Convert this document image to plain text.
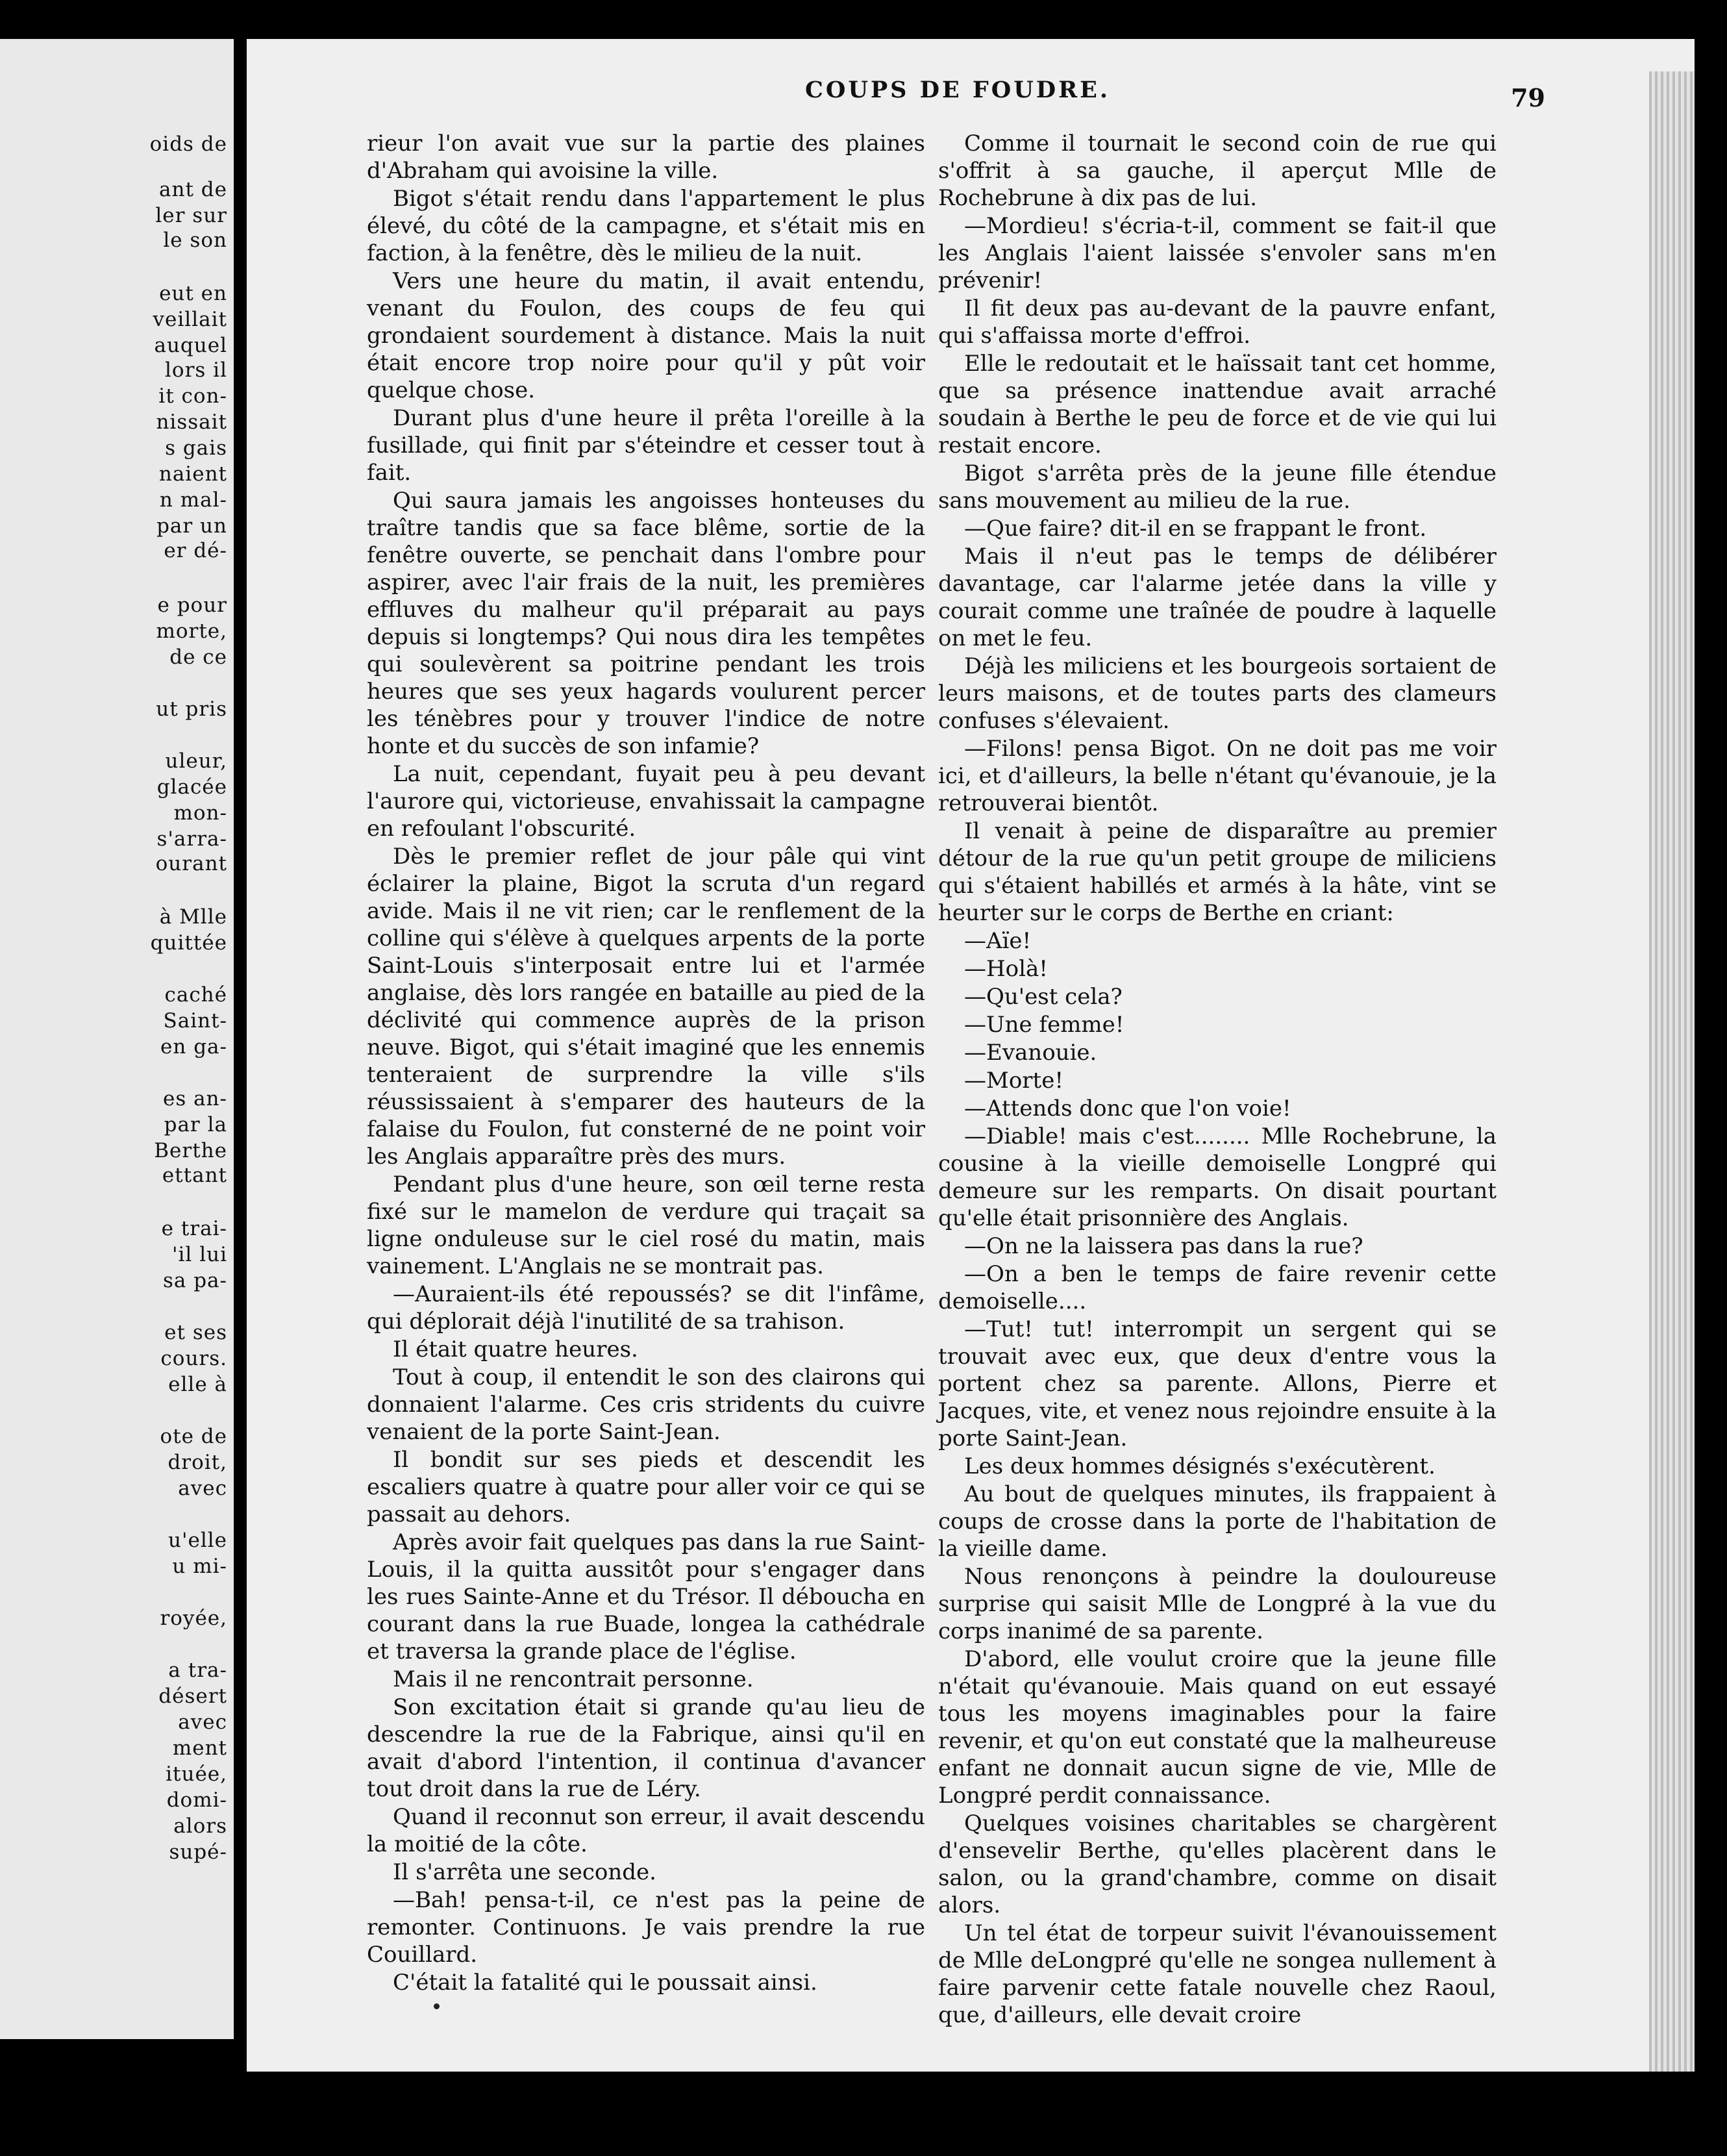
oids de
ant de
ler sur
le son
eut en
veillait
auquel
lors il
it con-
nissait
s gais
naient
n mal-
par un
er dé-
e pour
morte,
de ce
ut pris
uleur,
glacée
mon-
s'arra-
ourant
à Mlle
quittée
caché
Saint-
en ga-
es an-
par la
Berthe
ettant
e trai-
'il lui
sa pa-
et ses
cours.
elle à
ote de
droit,
avec
u'elle
u mi-
royée,
a tra-
désert
avec
ment
ituée,
domi-
alors
supé-
COUPS DE FOUDRE.	79

rieur l'on avait vue sur la partie des plaines d'Abraham qui avoisine la ville.

Bigot s'était rendu dans l'appartement le plus élevé, du côté de la campagne, et s'était mis en faction, à la fenêtre, dès le milieu de la nuit.

Vers une heure du matin, il avait entendu, venant du Foulon, des coups de feu qui grondaient sourdement à distance. Mais la nuit était encore trop noire pour qu'il y pût voir quelque chose.

Durant plus d'une heure il prêta l'oreille à la fusillade, qui finit par s'éteindre et cesser tout à fait.

Qui saura jamais les angoisses honteuses du traître tandis que sa face blême, sortie de la fenêtre ouverte, se penchait dans l'ombre pour aspirer, avec l'air frais de la nuit, les premières effluves du malheur qu'il préparait au pays depuis si longtemps? Qui nous dira les tempêtes qui soulevèrent sa poitrine pendant les trois heures que ses yeux hagards voulurent percer les ténèbres pour y trouver l'indice de notre honte et du succès de son infamie?

La nuit, cependant, fuyait peu à peu devant l'aurore qui, victorieuse, envahissait la campagne en refoulant l'obscurité.

Dès le premier reflet de jour pâle qui vint éclairer la plaine, Bigot la scruta d'un regard avide. Mais il ne vit rien; car le renflement de la colline qui s'élève à quelques arpents de la porte Saint-Louis s'interposait entre lui et l'armée anglaise, dès lors rangée en bataille au pied de la déclivité qui commence auprès de la prison neuve. Bigot, qui s'était imaginé que les ennemis tenteraient de surprendre la ville s'ils réussissaient à s'emparer des hauteurs de la falaise du Foulon, fut consterné de ne point voir les Anglais apparaître près des murs.

Pendant plus d'une heure, son œil terne resta fixé sur le mamelon de verdure qui traçait sa ligne onduleuse sur le ciel rosé du matin, mais vainement. L'Anglais ne se montrait pas.

—Auraient-ils été repoussés? se dit l'infâme, qui déplorait déjà l'inutilité de sa trahison.

Il était quatre heures.

Tout à coup, il entendit le son des clairons qui donnaient l'alarme. Ces cris stridents du cuivre venaient de la porte Saint-Jean.

Il bondit sur ses pieds et descendit les escaliers quatre à quatre pour aller voir ce qui se passait au dehors.

Après avoir fait quelques pas dans la rue Saint-Louis, il la quitta aussitôt pour s'engager dans les rues Sainte-Anne et du Trésor. Il déboucha en courant dans la rue Buade, longea la cathédrale et traversa la grande place de l'église.

Mais il ne rencontrait personne.

Son excitation était si grande qu'au lieu de descendre la rue de la Fabrique, ainsi qu'il en avait d'abord l'intention, il continua d'avancer tout droit dans la rue de Léry.

Quand il reconnut son erreur, il avait descendu la moitié de la côte.

Il s'arrêta une seconde.

—Bah! pensa-t-il, ce n'est pas la peine de remonter. Continuons. Je vais prendre la rue Couillard.

C'était la fatalité qui le poussait ainsi.

Comme il tournait le second coin de rue qui s'offrit à sa gauche, il aperçut Mlle de Rochebrune à dix pas de lui.

—Mordieu! s'écria-t-il, comment se fait-il que les Anglais l'aient laissée s'envoler sans m'en prévenir!

Il fit deux pas au-devant de la pauvre enfant, qui s'affaissa morte d'effroi.

Elle le redoutait et le haïssait tant cet homme, que sa présence inattendue avait arraché soudain à Berthe le peu de force et de vie qui lui restait encore.

Bigot s'arrêta près de la jeune fille étendue sans mouvement au milieu de la rue.

—Que faire? dit-il en se frappant le front.

Mais il n'eut pas le temps de délibérer davantage, car l'alarme jetée dans la ville y courait comme une traînée de poudre à laquelle on met le feu.

Déjà les miliciens et les bourgeois sortaient de leurs maisons, et de toutes parts des clameurs confuses s'élevaient.

—Filons! pensa Bigot. On ne doit pas me voir ici, et d'ailleurs, la belle n'étant qu'évanouie, je la retrouverai bientôt.

Il venait à peine de disparaître au premier détour de la rue qu'un petit groupe de miliciens qui s'étaient habillés et armés à la hâte, vint se heurter sur le corps de Berthe en criant:

—Aïe!

—Holà!

—Qu'est cela?

—Une femme!

—Evanouie.

—Morte!

—Attends donc que l'on voie!

—Diable! mais c'est........ Mlle Rochebrune, la cousine à la vieille demoiselle Longpré qui demeure sur les remparts. On disait pourtant qu'elle était prisonnière des Anglais.

—On ne la laissera pas dans la rue?

—On a ben le temps de faire revenir cette demoiselle....

—Tut! tut! interrompit un sergent qui se trouvait avec eux, que deux d'entre vous la portent chez sa parente. Allons, Pierre et Jacques, vite, et venez nous rejoindre ensuite à la porte Saint-Jean.

Les deux hommes désignés s'exécutèrent.

Au bout de quelques minutes, ils frappaient à coups de crosse dans la porte de l'habitation de la vieille dame.

Nous renonçons à peindre la douloureuse surprise qui saisit Mlle de Longpré à la vue du corps inanimé de sa parente.

D'abord, elle voulut croire que la jeune fille n'était qu'évanouie. Mais quand on eut essayé tous les moyens imaginables pour la faire revenir, et qu'on eut constaté que la malheureuse enfant ne donnait aucun signe de vie, Mlle de Longpré perdit connaissance.

Quelques voisines charitables se chargèrent d'ensevelir Berthe, qu'elles placèrent dans le salon, ou la grand'chambre, comme on disait alors.

Un tel état de torpeur suivit l'évanouissement de Mlle deLongpré qu'elle ne songea nullement à faire parvenir cette fatale nouvelle chez Raoul, que, d'ailleurs, elle devait croire
